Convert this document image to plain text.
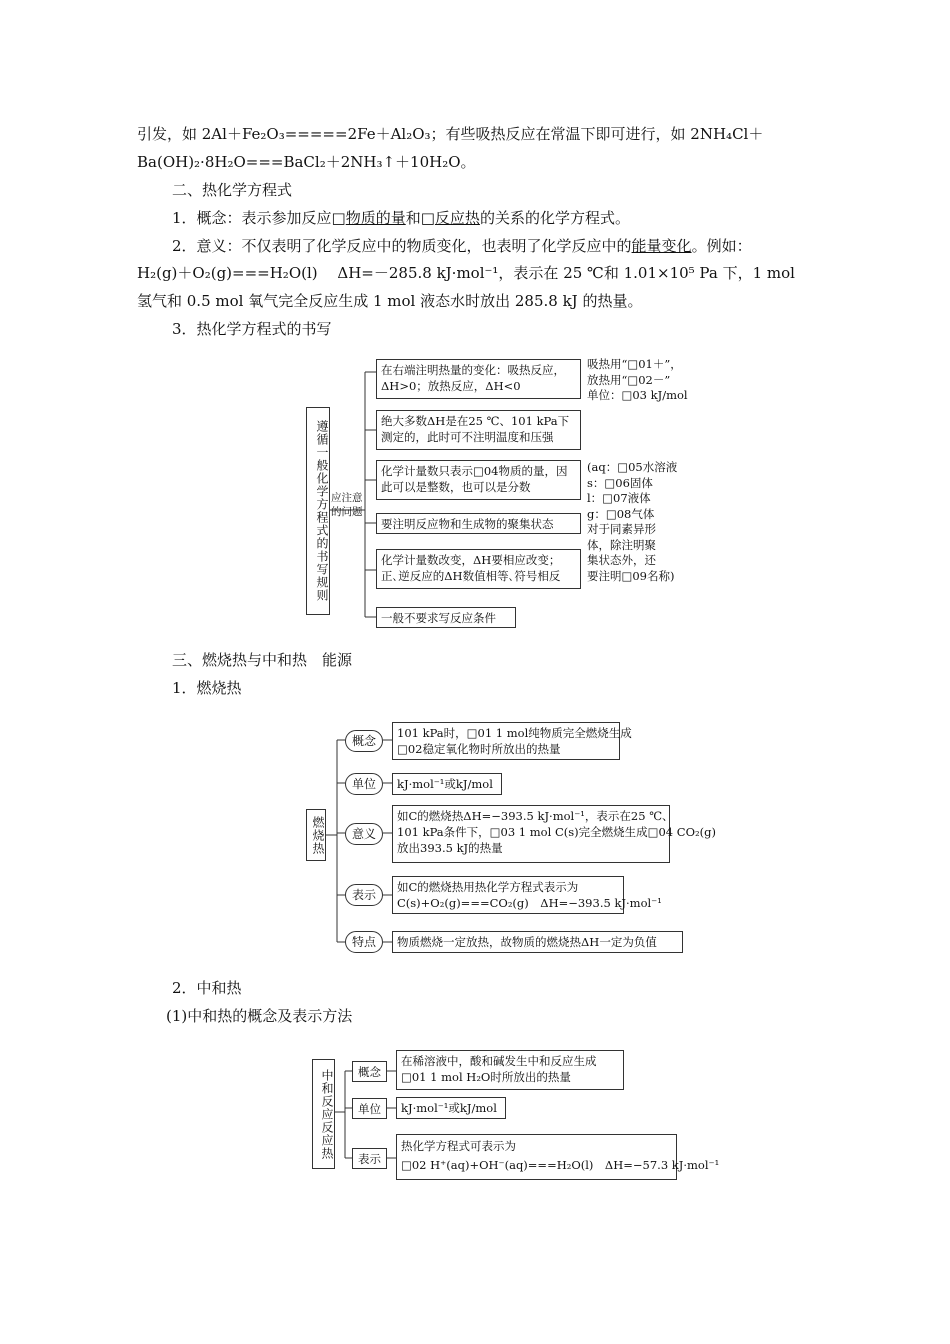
引发，如 2Al＋Fe₂O₃=====2Fe＋Al₂O₃；有些吸热反应在常温下即可进行，如 2NH₄Cl＋
Ba(OH)₂·8H₂O===BaCl₂＋2NH₃↑＋10H₂O。
二、热化学方程式
1．概念：表示参加反应□物质的量和□反应热的关系的化学方程式。
2．意义：不仅表明了化学反应中的物质变化，也表明了化学反应中的能量变化。例如：
H₂(g)＋O₂(g)===H₂O(l)　 ΔH=－285.8 kJ·mol⁻¹，表示在 25 ℃和 1.01×10⁵ Pa 下，1 mol
氢气和 0.5 mol 氧气完全反应生成 1 mol 液态水时放出 285.8 kJ 的热量。
3．热化学方程式的书写
遵循一般化学方程式的书写规则 应注意的问题
在右端注明热量的变化：吸热反应，
ΔH>0；放热反应，ΔH<0
绝大多数ΔH是在25 ℃、101 kPa下
测定的，此时可不注明温度和压强
化学计量数只表示□04物质的量，因
此可以是整数，也可以是分数
要注明反应物和生成物的聚集状态
化学计量数改变，ΔH要相应改变；
正､逆反应的ΔH数值相等､符号相反
一般不要求写反应条件
吸热用“□01＋”，
放热用“□02－”
单位：□03 kJ/mol
(aq：□05水溶液
s：□06固体
l：□07液体
g：□08气体
对于同素异形
体，除注明聚
集状态外，还
要注明□09名称)
三、燃烧热与中和热　能源
1．燃烧热
燃烧热
概念
101 kPa时，□01 1 mol纯物质完全燃烧生成
□02稳定氧化物时所放出的热量
单位	kJ·mol⁻¹或kJ/mol
意义
如C的燃烧热ΔH=−393.5 kJ·mol⁻¹，表示在25 ℃、
101 kPa条件下，□03 1 mol C(s)完全燃烧生成□04 CO₂(g)
放出393.5 kJ的热量
表示
如C的燃烧热用热化学方程式表示为
C(s)+O₂(g)===CO₂(g)　ΔH=−393.5 kJ·mol⁻¹
特点	物质燃烧一定放热，故物质的燃烧热ΔH一定为负值
2．中和热
(1)中和热的概念及表示方法
中和反应反应热	概念
在稀溶液中，酸和碱发生中和反应生成
□01 1 mol H₂O时所放出的热量
单位	kJ·mol⁻¹或kJ/mol
表示
热化学方程式可表示为
□02 H⁺(aq)+OH⁻(aq)===H₂O(l)　ΔH=−57.3 kJ·mol⁻¹
